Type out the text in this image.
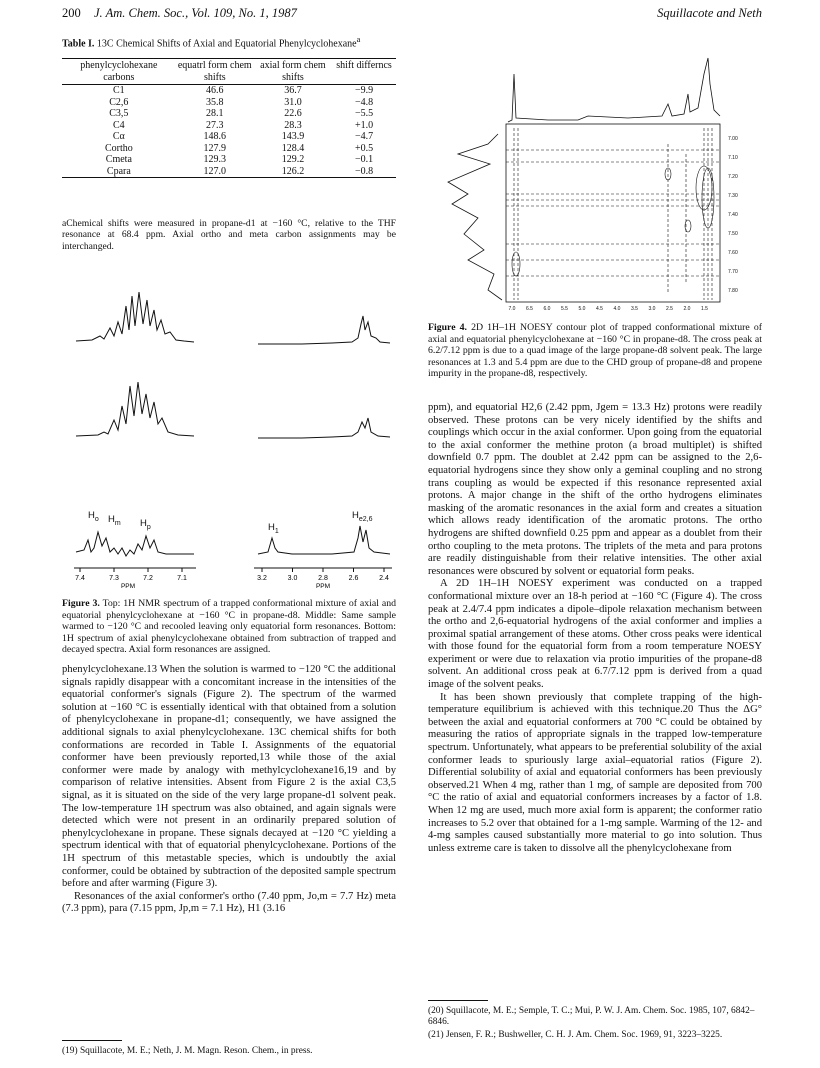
200 J. Am. Chem. Soc., Vol. 109, No. 1, 1987	Squillacote and Neth
Table I. 13C Chemical Shifts of Axial and Equatorial Phenylcyclohexane$^a$
phenylcyclohexane carbons	equatrl form chem shifts	axial form chem shifts	shift differncs
C1	46.6	36.7	−9.9
C2,6	35.8	31.0	−4.8
C3,5	28.1	22.6	−5.5
C4	27.3	28.3	+1.0
Cα	148.6	143.9	−4.7
Cortho	127.9	128.4	+0.5
Cmeta	129.3	129.2	−0.1
Cpara	127.0	126.2	−0.8
aChemical shifts were measured in propane-d1 at −160 °C, relative to the THF resonance at 68.4 ppm. Axial ortho and meta carbon assignments may be interchanged.
7.4	7.3	7.2	7.1	3.2	3.0	2.8	2.6	2.4
$H_o$ $H_m$ $H_p$	$H_1$
$H_{e2,6}$
PPM	PPM
Figure 3. Top: 1H NMR spectrum of a trapped conformational mixture of axial and equatorial phenylcyclohexane at −160 °C in propane-d8. Middle: Same sample warmed to −120 °C and recooled leaving only equatorial form resonances. Bottom: 1H spectrum of axial phenylcyclohexane obtained from subtraction of trapped and decayed spectra. Axial form resonances are assigned.

phenylcyclohexane.13 When the solution is warmed to −120 °C the additional signals rapidly disappear with a concomitant increase in the intensities of the equatorial conformer's signals (Figure 2). The spectrum of the warmed solution at −160 °C is essentially identical with that obtained from a solution of phenylcyclohexane in propane-d1; consequently, we have assigned the additional signals to axial phenylcyclohexane. 13C chemical shifts for both conformations are recorded in Table I. Assignments of the equatorial conformer have been previously reported,13 while those of the axial conformer were made by analogy with methylcyclohexane16,19 and by comparison of relative intensities. Absent from Figure 2 is the axial C3,5 signal, as it is situated on the side of the very large propane-d1 solvent peak. The low-temperature 1H spectrum was also obtained, and again signals were detected which were not present in an ordinarily prepared solution of phenylcyclohexane in propane. These signals decayed at −120 °C yielding a spectrum identical with that of equatorial phenylcyclohexane. Portions of the 1H spectrum of this metastable species, which is undoubtly the axial conformer, could be obtained by subtraction of the deposited sample spectrum before and after warming (Figure 3).

Resonances of the axial conformer's ortho (7.40 ppm, Jo,m = 7.7 Hz) meta (7.3 ppm), para (7.15 ppm, Jp,m = 7.1 Hz), H1 (3.16

(19) Squillacote, M. E.; Neth, J. M. Magn. Reson. Chem., in press.
7.00
7.10
7.20
7.30
7.40
7.50
7.60
7.70
7.80
7.0 6.5 6.0 5.5 5.0 4.5 4.0 3.5 3.0 2.5 2.0 1.5
Figure 4. 2D 1H–1H NOESY contour plot of trapped conformational mixture of axial and equatorial phenylcyclohexane at −160 °C in propane-d8. The cross peak at 6.2/7.12 ppm is due to a quad image of the large propane-d8 solvent peak. The large resonances at 1.3 and 5.4 ppm are due to the CHD group of propane-d8 and propene impurity in the propane-d8, respectively.

ppm), and equatorial H2,6 (2.42 ppm, Jgem = 13.3 Hz) protons were readily observed. These protons can be very nicely identified by the shifts and couplings which occur in the axial conformer. Upon going from the equatorial to the axial conformer the methine proton (a broad multiplet) is shifted downfield 0.7 ppm. The doublet at 2.42 ppm can be assigned to the 2,6-equatorial hydrogens since they show only a geminal coupling and no strong trans coupling as would be expected if this resonance represented axial protons. A major change in the shift of the ortho hydrogens eliminates masking of the aromatic resonances in the axial form and creates a situation which allows ready identification of the aromatic protons. The ortho hydrogens are shifted downfield 0.25 ppm and appear as a doublet from their ortho coupling to the meta protons. The triplets of the meta and para protons are readily distinguishable from their relative intensities. The other axial resonances were obscured by solvent or equatorial form peaks.

A 2D 1H–1H NOESY experiment was conducted on a trapped conformational mixture over an 18-h period at −160 °C (Figure 4). The cross peak at 2.4/7.4 ppm indicates a dipole–dipole relaxation mechanism between the ortho and 2,6-equatorial hydrogens of the axial conformer and implies a proximal spatial arrangement of these atoms. Other cross peaks were identical with those found for the equatorial form from a room temperature NOESY experiment or were due to relaxation via protio impurities of the propane-d8 solvent. An additional cross peak at 6.7/7.12 ppm is derived from a quad image of the solvent peaks.

It has been shown previously that complete trapping of the high-temperature equilibrium is achieved with this technique.20 Thus the ΔG° between the axial and equatorial conformers at 700 °C could be obtained by measuring the ratios of appropriate signals in the trapped low-temperature spectrum. Unfortunately, what appears to be preferential solubility of the axial conformer leads to spuriously large axial–equatorial ratios (Figure 2). Differential solubility of axial and equatorial conformers has been previously observed.21 When 4 mg, rather than 1 mg, of sample are deposited from 700 °C the ratio of axial and equatorial conformers increases by a factor of 1.8. When 12 mg are used, much more axial form is apparent; the conformer ratio increases to 5.2 over that obtained for a 1-mg sample. Warming of the 12- and 4-mg samples caused substantially more material to go into solution. Thus unless extreme care is taken to dissolve all the phenylcyclohexane from

(20) Squillacote, M. E.; Semple, T. C.; Mui, P. W. J. Am. Chem. Soc. 1985, 107, 6842–6846.
(21) Jensen, F. R.; Bushweller, C. H. J. Am. Chem. Soc. 1969, 91, 3223–3225.
